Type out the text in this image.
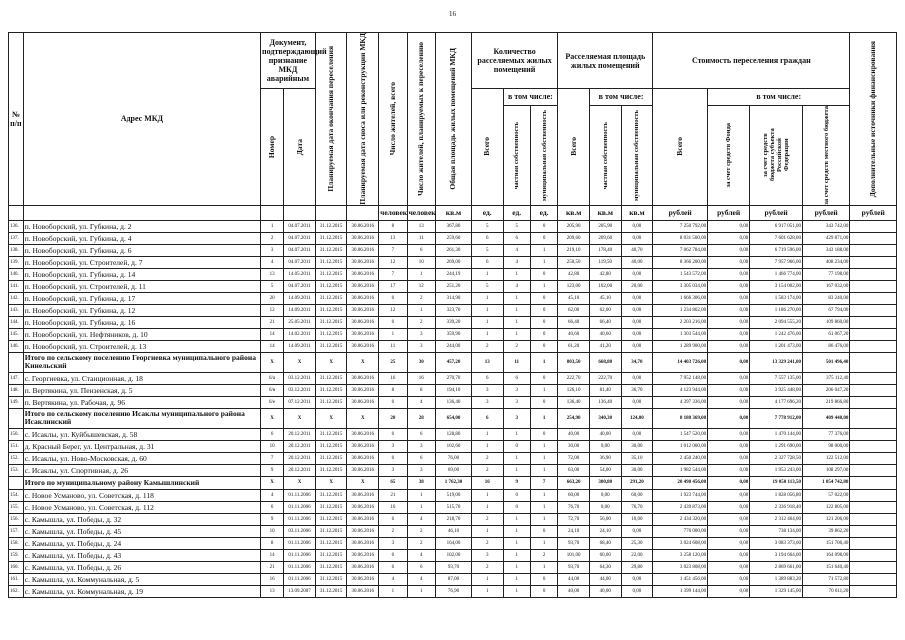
16
№ п/п	Адрес МКД	Документ, подтверждающий признание МКД аварийным		Планируемая дата окончания переселения	Планируемая дата сноса или реконструкции МКД	Число жителей, всего	Число жителей, планируемых к переселению	Общая площадь жилых помещений МКД	Количество расселяемых жилых помещений			Расселяемая площадь жилых помещений			Стоимость переселения граждан				Дополнительные источники финансирования

		Номер	Дата						Всего	в том числе:		Всего	в том числе:		Всего	в том числе:			

										частная собственность	муниципальная собственность		частная собственность	муниципальная собственность		за счет средств Фонда	за счет средств бюджета субъекта Российской Федерации	за счет средств местного бюджета	

						человек	человек	кв.м	ед.	ед.	ед.	кв.м	кв.м	кв.м	рублей	рублей	рублей	рублей	рублей
136.	п. Новоборский, ул. Губкина, д. 2	1	04.07.2011	31.12.2015	30.06.2016	8	13	367,80	5	5	0	205,90	205,90	0,00	7 250 792,00	0,00	6 917 051,00	343 742,00	
137.	п. Новоборский, ул. Губкина, д. 4	2	04.07.2011	31.12.2015	30.06.2016	13	11	259,60	6	6	0	209,60	209,60	0,00	8 031 500,00	0,00	7 601 628,00	429 871,00	
138.	п. Новоборский, ул. Губкина, д. 6	3	04.07.2011	31.12.2015	30.06.2016	7	6	261,30	5	4	1	219,10	178,40	40,70	7 062 784,00	0,00	6 719 596,00	343 188,00	
139.	п. Новоборский, ул. Строителей, д. 7	4	04.07.2011	31.12.2015	30.06.2016	12	10	269,00	6	4	1	250,50	119,50	40,00	8 366 200,00	0,00	7 957 966,00	408 234,00	
140.	п. Новоборский, ул. Губкина, д. 14	13	14.05.2011	31.12.2015	30.06.2016	7	1	244,19	1	1	0	42,80	42,80	0,00	1 543 572,00	0,00	1 466 774,00	77 198,00	
141.	п. Новоборский, ул. Строителей, д. 11	5	04.07.2011	31.12.2015	30.06.2016	17	12	251,20	5	4	1	123,00	102,00	20,00	3 305 034,00	0,00	3 154 002,00	167 032,00	
142.	п. Новоборский, ул. Губкина, д. 17	20	14.09.2011	31.12.2015	30.06.2016	6	2	314,90	1	1	0	45,10	45,10	0,00	1 666 306,00	0,00	1 583 174,00	83 240,00	
143.	п. Новоборский, ул. Губкина, д. 12	12	14.09.2011	31.12.2015	30.06.2016	12	1	323,70	1	1	0	62,00	62,00	0,00	1 234 862,00	0,00	1 186 270,00	67 794,00	
144.	п. Новоборский, ул. Губкина, д. 16	21	25.05.2011	31.12.2015	30.06.2016	6	2	339,20	1	1	0	66,40	66,40	0,00	2 203 216,00	0,00	2 094 555,20	109 860,00	
145.	п. Новоборский, ул. Нефтяников, д. 10	14	14.02.2011	31.12.2015	30.06.2016	1	3	359,90	1	1	0	40,60	40,60	0,00	1 303 544,00	0,00	1 242 476,00	61 067,20	
146.	п. Новоборский, ул. Строителей, д. 13	14	14.09.2011	31.12.2015	30.06.2016	11	3	244,00	2	2	0	61,20	41,20	0,00	1 289 900,00	0,00	1 201 473,00	86 476,00	
	Итого по сельскому поселению Георгиевка муниципального района Кинельский	X	X	X	X	25	30	457,20	13	11	1	803,50	668,80	34,70	14 403 726,00	0,00	13 329 241,00	501 496,40	
147.	с. Георгиевка, ул. Станционная, д. 18	6/а	03.12.2011	31.12.2015	30.06.2016	16	16	270,70	6	6	0	222,70	222,70	0,00	7 952 148,00	0,00	7 557 135,00	375 112,40	
148.	п. Вертякина, ул. Пензенская, д. 5	6/в	03.12.2011	31.12.2015	30.06.2016	8	8	194,10	3	3	1	126,10	81,40	36,70	4 123 944,00	0,00	3 925 448,00	206 047,20	
149.	п. Вертякина, ул. Рабочая, д. 96	6/е	07.12.2011	31.12.2015	30.06.2016	6	4	136,40	3	3	0	136,40	136,40	0,00	4 397 336,00	0,00	4 177 696,20	219 866,80	
	Итого по сельскому поселению Исаклы муниципального района Исаклинский	X	X	X	X	20	28	654,00	6	3	1	254,90	340,30	124,00	8 180 369,00	0,00	7 778 912,00	409 448,00	
150.	с. Исаклы, ул. Куйбышевская, д. 58	6	20.12.2011	31.12.2015	30.06.2016	6	6	128,80	1	1	0	40,00	40,00	0,00	1 547 520,00	0,00	1 470 144,00	77 376,00	
151.	д. Красный Берег, ул. Центральная, д. 31	10	20.12.2011	31.12.2015	30.06.2016	3	3	102,60	1	0	1	30,00	0,00	30,00	1 012 000,00	0,00	1 291 690,00	98 000,00	
152.	с. Исаклы, ул. Ново-Московская, д. 60	7	20.12.2011	31.12.2015	30.06.2016	6	6	76,00	2	1	1	72,00	36,90	35,10	2 450 240,00	0,00	2 327 728,50	122 512,00	
153.	с. Исаклы, ул. Спортивная, д. 26	9	20.12.2011	31.12.2015	30.06.2016	3	3	69,00	2	1	1	63,00	54,00	30,00	1 982 544,00	0,00	1 953 243,00	108 297,00	
	Итого по муниципальному району Камышлинский	X	X	X	X	65	38	1 762,30	16	9	7	663,20	300,80	291,20	20 490 456,00	0,00	19 050 113,50	1 054 742,80	
154.	с. Новое Усманово, ул. Советская, д. 118	4	01.11.2006	31.12.2015	30.06.2016	21	1	519,00	1	0	1	60,00	0,00	60,00	1 923 744,00	0,00	1 828 056,80	57 022,00	
155.	с. Новое Усманово, ул. Советская, д. 112	6	01.11.2006	31.12.2015	30.06.2016	16	1	515,70	1	0	1	76,70	0,00	76,70	2 439 873,00	0,00	2 336 918,40	122 805,00	
156.	с. Камышла, ул. Победы, д. 32	9	01.11.2006	31.12.2015	30.06.2016	6	4	218,70	2	1	1	72,70	56,00	10,00	2 434 320,00	0,00	2 312 464,00	121 206,00	
157.	с. Камышла, ул. Победы, д. 45	10	03.11.2006	31.12.2015	30.06.2016	2	2	46,10	1	1	0	24,10	24,10	0,00	776 000,00	0,00	738 134,00	39 862,20	
158.	с. Камышла, ул. Победы, д. 24	8	01.11.2006	31.12.2015	30.06.2016	3	2	164,00	2	1	1	93,70	68,40	25,30	3 024 608,00	0,00	3 083 373,60	151 706,40	
159.	с. Камышла, ул. Победы, д. 43	14	01.11.2006	31.12.2015	30.06.2016	6	4	102,00	3	1	2	101,00	60,00	22,00	3 258 120,00	0,00	3 194 664,00	164 098,00	
160.	с. Камышла, ул. Победы, д. 26	21	01.11.2006	31.12.2015	30.06.2016	6	6	93,70	2	1	1	93,70	64,30	29,80	3 023 808,00	0,00	2 869 661,00	151 640,40	
161.	с. Камышла, ул. Коммунальная, д. 5	16	01.11.2006	31.12.2015	30.06.2016	4	4	87,00	1	1	0	44,00	44,00	0,00	1 451 456,00	0,00	1 389 883,20	71 572,80	
162.	с. Камышла, ул. Коммунальная, д. 19	13	13.09.2007	31.12.2015	30.06.2016	1	1	76,90	1	1	0	40,00	40,00	0,00	1 399 144,00	0,00	1 329 145,00	70 011,20	
